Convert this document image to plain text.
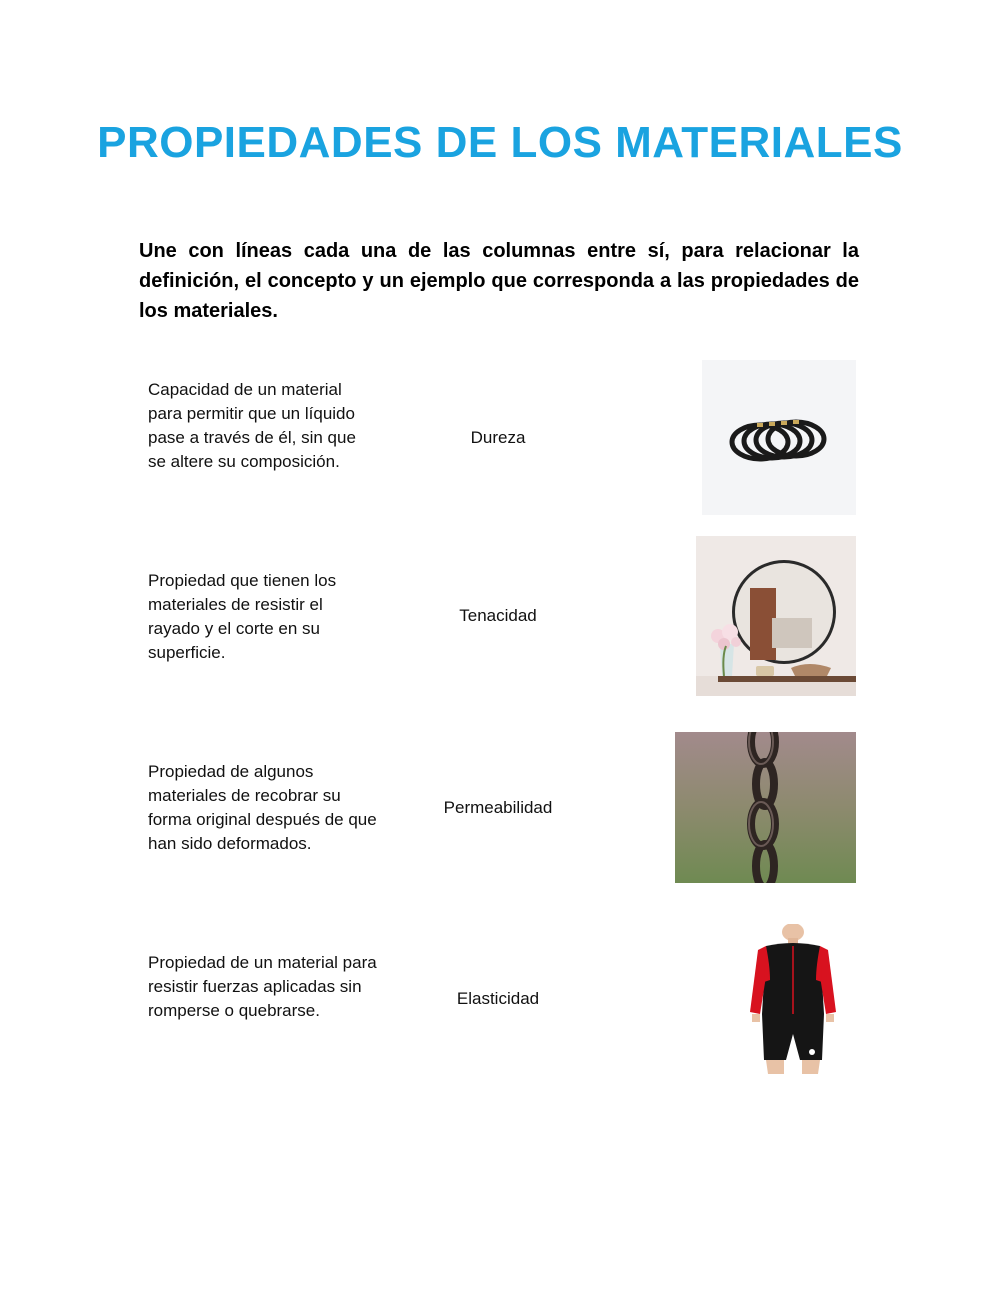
PROPIEDADES DE LOS MATERIALES
Une con líneas cada una de las columnas entre sí, para relacionar la definición, el concepto y un ejemplo que corresponda a las propiedades de los materiales.
Capacidad de un material para permitir que un líquido pase a través de él, sin que se altere su composición.
Dureza
Propiedad que tienen los materiales de resistir el rayado y el corte en su superficie.
Tenacidad
Propiedad de algunos materiales de recobrar su forma original después de que han sido deformados.
Permeabilidad
Propiedad de un material para resistir fuerzas aplicadas sin romperse o quebrarse.
Elasticidad
